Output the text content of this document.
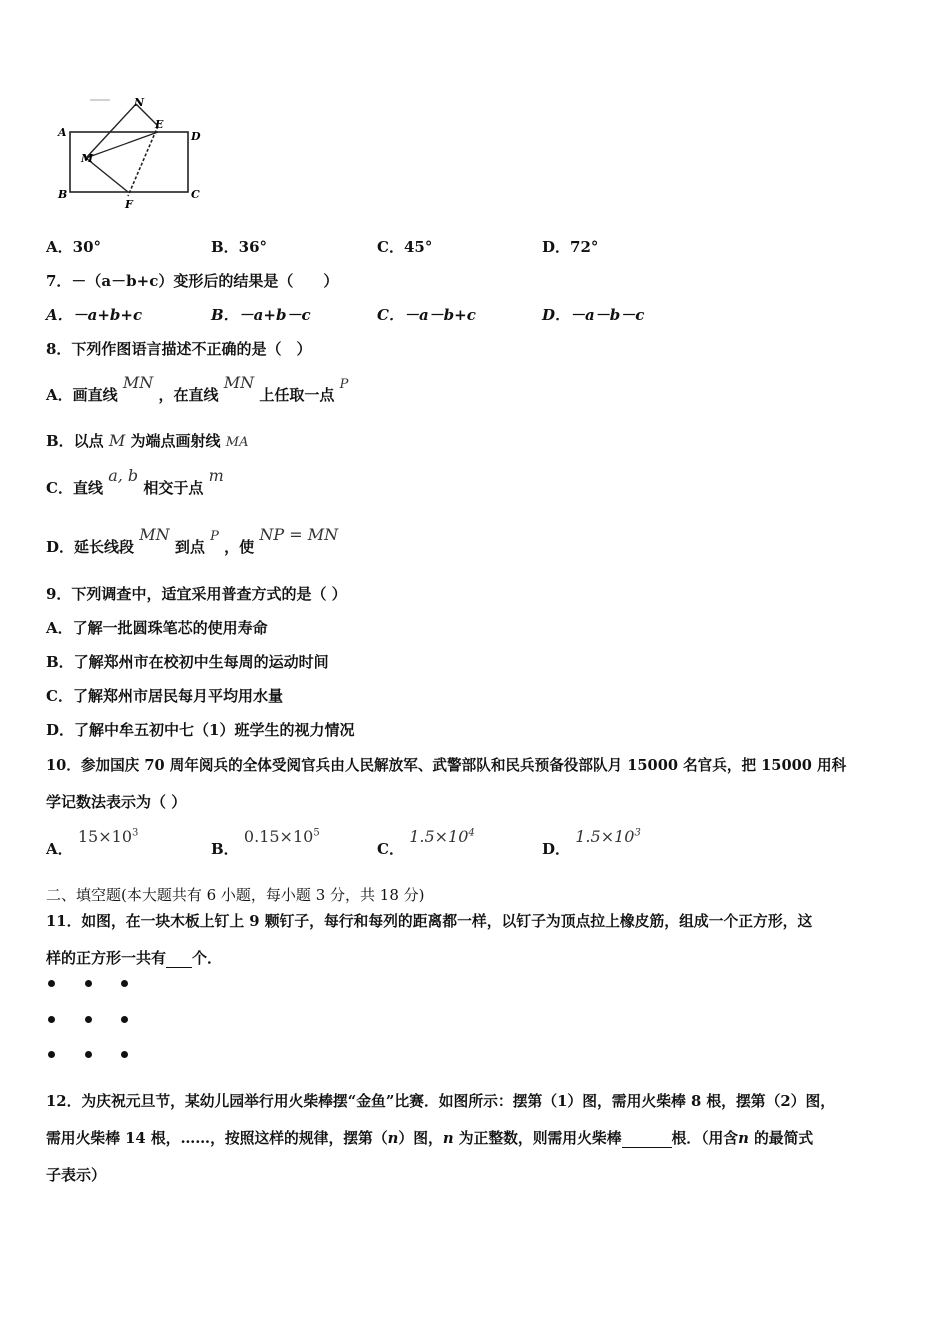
N
E
A	D
M
B	C
F
A．30°	B．36°	C．45°	D．72°
7．－（a－b+c）变形后的结果是（　　）
A．－a+b+c	B．－a+b－c	C．－a－b+c	D．－a－b－c
8．下列作图语言描述不正确的是（　）
A．画直线 MN ，在直线 MN 上任取一点 P
B．以点 M 为端点画射线 MA
C．直线 a, b 相交于点 m
D．延长线段 MN 到点 P ，使 NP = MN
9．下列调查中，适宜采用普查方式的是（ ）
A．了解一批圆珠笔芯的使用寿命
B．了解郑州市在校初中生每周的运动时间
C．了解郑州市居民每月平均用水量
D．了解中牟五初中七（1）班学生的视力情况
10．参加国庆 70 周年阅兵的全体受阅官兵由人民解放军、武警部队和民兵预备役部队月 15000 名官兵，把 15000 用科
学记数法表示为（ ）
A． $15\times 10^3$
B． $0.15\times 10^5$
C． $1.5\times 10^4$
D． $1.5\times 10^3$
二、填空题(本大题共有 6 小题，每小题 3 分，共 18 分)
11．如图，在一块木板上钉上 9 颗钉子，每行和每列的距离都一样，以钉子为顶点拉上橡皮筋，组成一个正方形，这
样的正方形一共有 个．
12．为庆祝元旦节，某幼儿园举行用火柴棒摆“金鱼”比赛．如图所示：摆第（1）图，需用火柴棒 8 根，摆第（2）图，
需用火柴棒 14 根，……，按照这样的规律，摆第（n）图，n 为正整数，则需用火柴棒	根．（用含n 的最简式
子表示）
